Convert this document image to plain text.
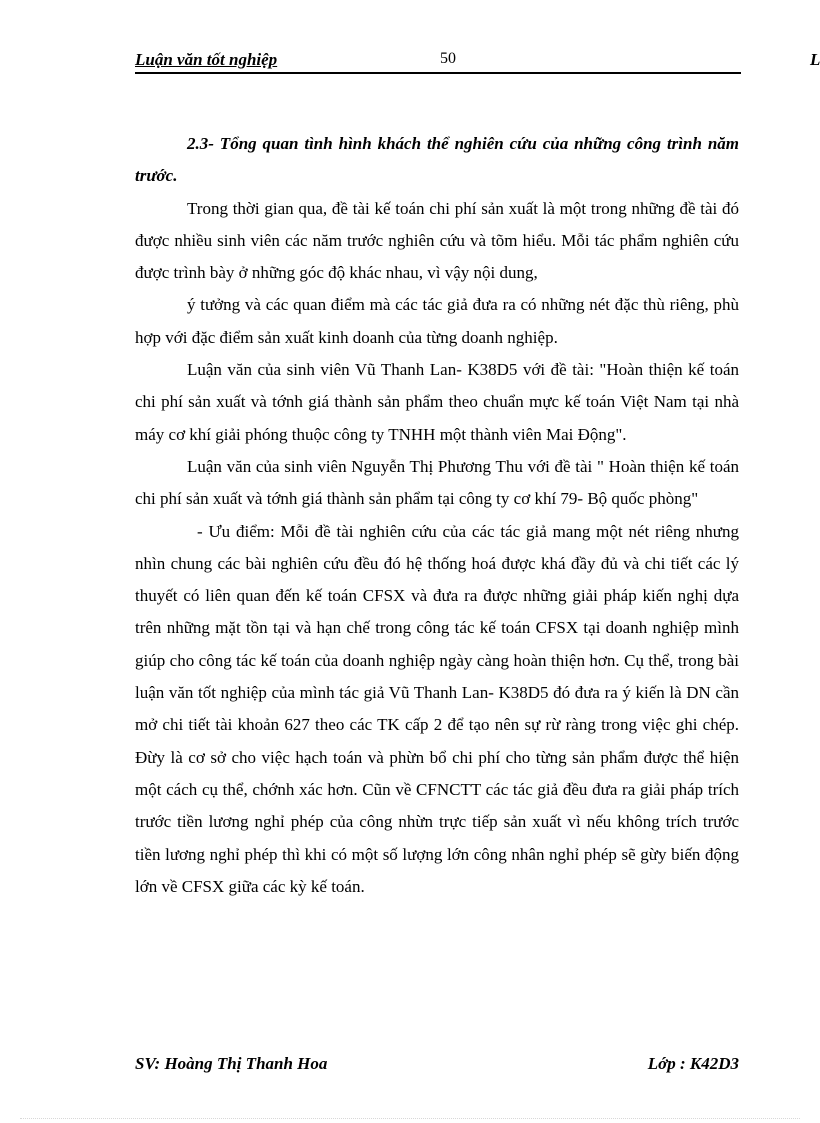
Luận văn tốt nghiệp	50	L

2.3- Tổng quan tình hình khách thể nghiên cứu của những công trình năm trước.

Trong thời gian qua, đề tài kế toán chi phí sản xuất là một trong những đề tài đó được nhiều sinh viên các năm trước nghiên cứu và tõm hiểu. Mỗi tác phẩm nghiên cứu được trình bày ở những góc độ khác nhau, vì vậy nội dung,

ý tưởng và các quan điểm mà các tác giả đưa ra có những nét đặc thù riêng, phù hợp với đặc điểm sản xuất kinh doanh của từng doanh nghiệp.

Luận văn của sinh viên Vũ Thanh Lan- K38D5 với đề tài: "Hoàn thiện kế toán chi phí sản xuất và tớnh giá thành sản phẩm theo chuẩn mực kế toán Việt Nam tại nhà máy cơ khí giải phóng thuộc công ty TNHH một thành viên Mai Động".

Luận văn của sinh viên Nguyễn Thị Phương Thu với đề tài " Hoàn thiện kế toán chi phí sản xuất và tớnh giá thành sản phẩm tại công ty cơ khí 79- Bộ quốc phòng"

- Ưu điểm: Mỗi đề tài nghiên cứu của các tác giả mang một nét riêng nhưng nhìn chung các bài nghiên cứu đều đó hệ thống hoá được khá đầy đủ và chi tiết các lý thuyết có liên quan đến kế toán CFSX và đưa ra được những giải pháp kiến nghị dựa trên những mặt tồn tại và hạn chế trong công tác kế toán CFSX tại doanh nghiệp mình giúp cho công tác kế toán của doanh nghiệp ngày càng hoàn thiện hơn. Cụ thể, trong bài luận văn tốt nghiệp của mình tác giả Vũ Thanh Lan- K38D5 đó đưa ra ý kiến là DN cần mở chi tiết tài khoản 627 theo các TK cấp 2 để tạo nên sự rừ ràng trong việc ghi chép. Đừy là cơ sở cho việc hạch toán và phừn bổ chi phí cho từng sản phẩm được thể hiện một cách cụ thể, chớnh xác hơn. Cũn về CFNCTT các tác giả đều đưa ra giải pháp trích trước tiền lương nghỉ phép của công nhừn trực tiếp sản xuất vì nếu không trích trước tiền lương nghỉ phép thì khi có một số lượng lớn công nhân nghỉ phép sẽ gừy biến động lớn về CFSX giữa các kỳ kế toán.

SV: Hoàng Thị Thanh Hoa	Lớp : K42D3
